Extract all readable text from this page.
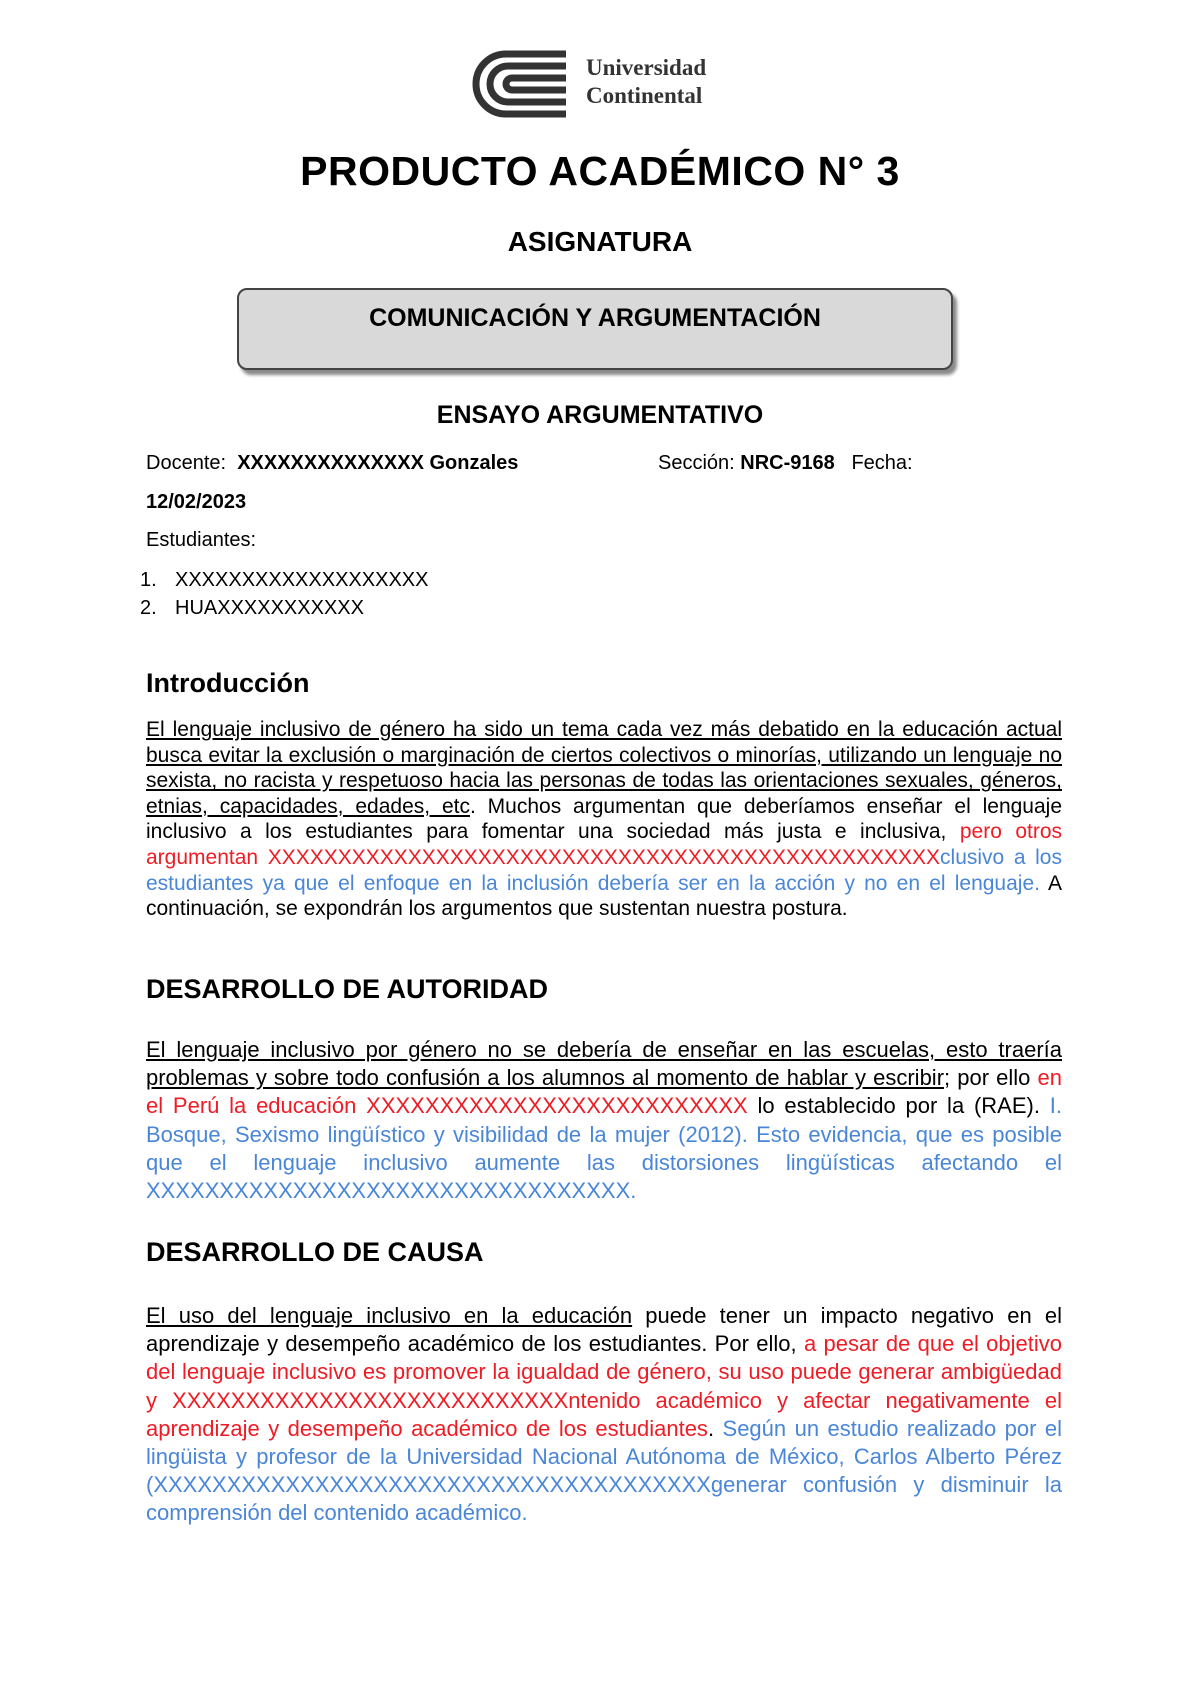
Universidad
Continental
PRODUCTO ACADÉMICO N° 3
ASIGNATURA
COMUNICACIÓN Y ARGUMENTACIÓN
ENSAYO ARGUMENTATIVO
Docente: XXXXXXXXXXXXXX Gonzales	Sección: NRC-9168 Fecha:
12/02/2023
Estudiantes:
1. XXXXXXXXXXXXXXXXXXX
2. HUAXXXXXXXXXXX
Introducción
El lenguaje inclusivo de género ha sido un tema cada vez más debatido en la educación actual busca evitar la exclusión o marginación de ciertos colectivos o minorías, utilizando un lenguaje no sexista, no racista y respetuoso hacia las personas de todas las orientaciones sexuales, géneros, etnias, capacidades, edades, etc. Muchos argumentan que deberíamos enseñar el lenguaje inclusivo a los estudiantes para fomentar una sociedad más justa e inclusiva, pero otros argumentan XXXXXXXXXXXXXXXXXXXXXXXXXXXXXXXXXXXXXXXXXXXXXXXXclusivo a los estudiantes ya que el enfoque en la inclusión debería ser en la acción y no en el lenguaje. A continuación, se expondrán los argumentos que sustentan nuestra postura.
DESARROLLO DE AUTORIDAD
El lenguaje inclusivo por género no se debería de enseñar en las escuelas, esto traería problemas y sobre todo confusión a los alumnos al momento de hablar y escribir; por ello en el Perú la educación XXXXXXXXXXXXXXXXXXXXXXXXXX lo establecido por la (RAE). I. Bosque, Sexismo lingüístico y visibilidad de la mujer (2012). Esto evidencia, que es posible que el lenguaje inclusivo aumente las distorsiones lingüísticas afectando el XXXXXXXXXXXXXXXXXXXXXXXXXXXXXXXXX.
DESARROLLO DE CAUSA
El uso del lenguaje inclusivo en la educación puede tener un impacto negativo en el aprendizaje y desempeño académico de los estudiantes. Por ello, a pesar de que el objetivo del lenguaje inclusivo es promover la igualdad de género, su uso puede generar ambigüedad y XXXXXXXXXXXXXXXXXXXXXXXXXXXntenido académico y afectar negativamente el aprendizaje y desempeño académico de los estudiantes. Según un estudio realizado por el lingüista y profesor de la Universidad Nacional Autónoma de México, Carlos Alberto Pérez (XXXXXXXXXXXXXXXXXXXXXXXXXXXXXXXXXXXXXXgenerar confusión y disminuir la comprensión del contenido académico.
